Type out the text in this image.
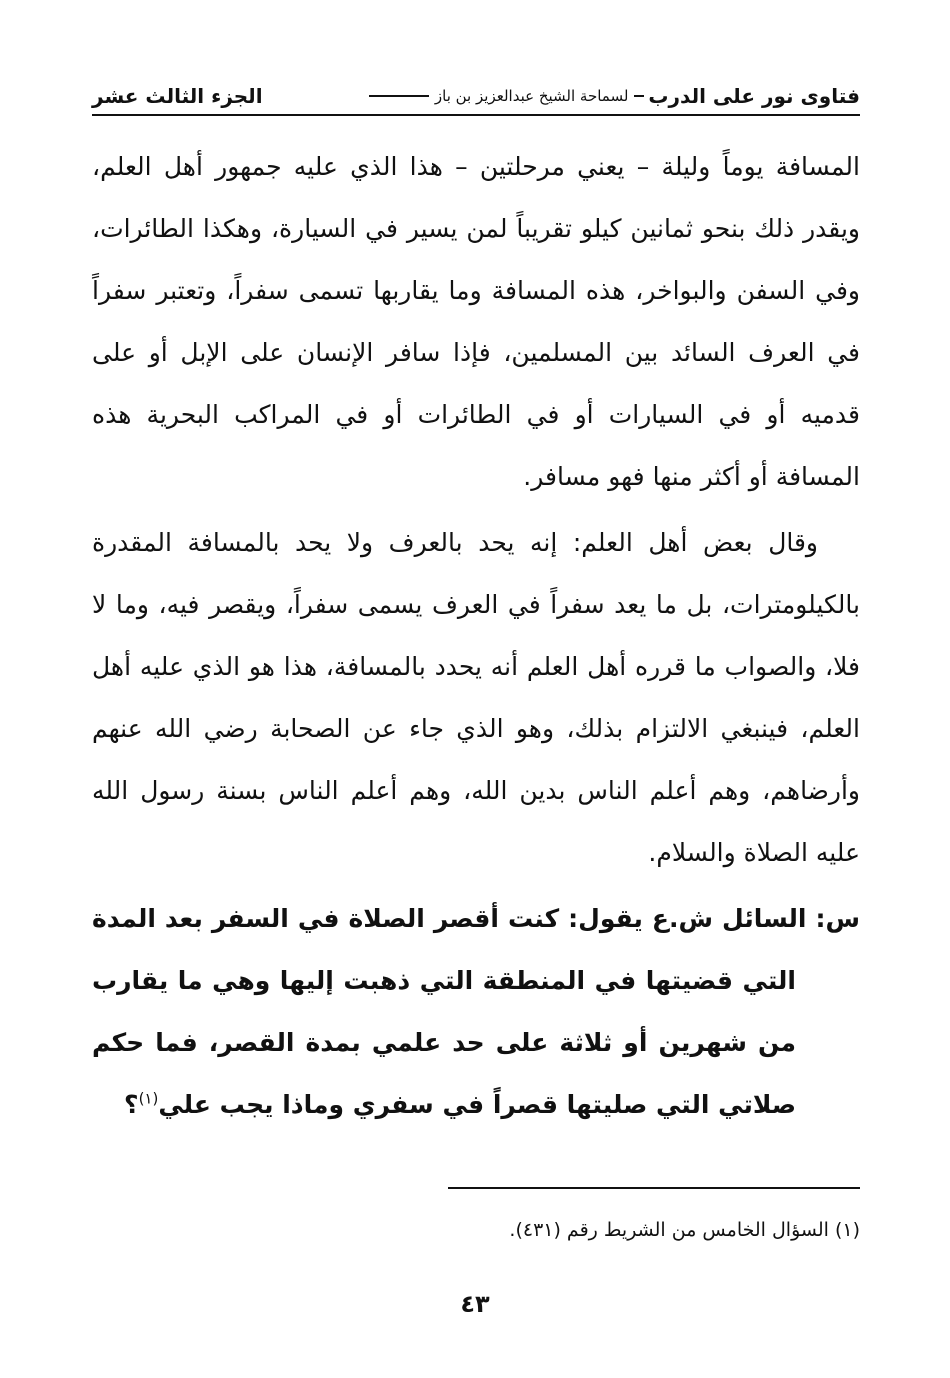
فتاوى نور على الدرب
لسماحة الشيخ عبدالعزيز بن باز
الجزء الثالث عشر

المسافة يوماً وليلة – يعني مرحلتين – هذا الذي عليه جمهور أهل العلم، ويقدر ذلك بنحو ثمانين كيلو تقريباً لمن يسير في السيارة، وهكذا الطائرات، وفي السفن والبواخر، هذه المسافة وما يقاربها تسمى سفراً، وتعتبر سفراً في العرف السائد بين المسلمين، فإذا سافر الإنسان على الإبل أو على قدميه أو في السيارات أو في الطائرات أو في المراكب البحرية هذه المسافة أو أكثر منها فهو مسافر.

وقال بعض أهل العلم: إنه يحد بالعرف ولا يحد بالمسافة المقدرة بالكيلومترات، بل ما يعد سفراً في العرف يسمى سفراً، ويقصر فيه، وما لا فلا، والصواب ما قرره أهل العلم أنه يحدد بالمسافة، هذا هو الذي عليه أهل العلم، فينبغي الالتزام بذلك، وهو الذي جاء عن الصحابة رضي الله عنهم وأرضاهم، وهم أعلم الناس بدين الله، وهم أعلم الناس بسنة رسول الله عليه الصلاة والسلام.

س: السائل ش.ع يقول: كنت أقصر الصلاة في السفر بعد المدة التي قضيتها في المنطقة التي ذهبت إليها وهي ما يقارب من شهرين أو ثلاثة على حد علمي بمدة القصر، فما حكم صلاتي التي صليتها قصراً في سفري وماذا يجب علي$^{(١)}$؟

(١) السؤال الخامس من الشريط رقم (٤٣١).
٤٣
